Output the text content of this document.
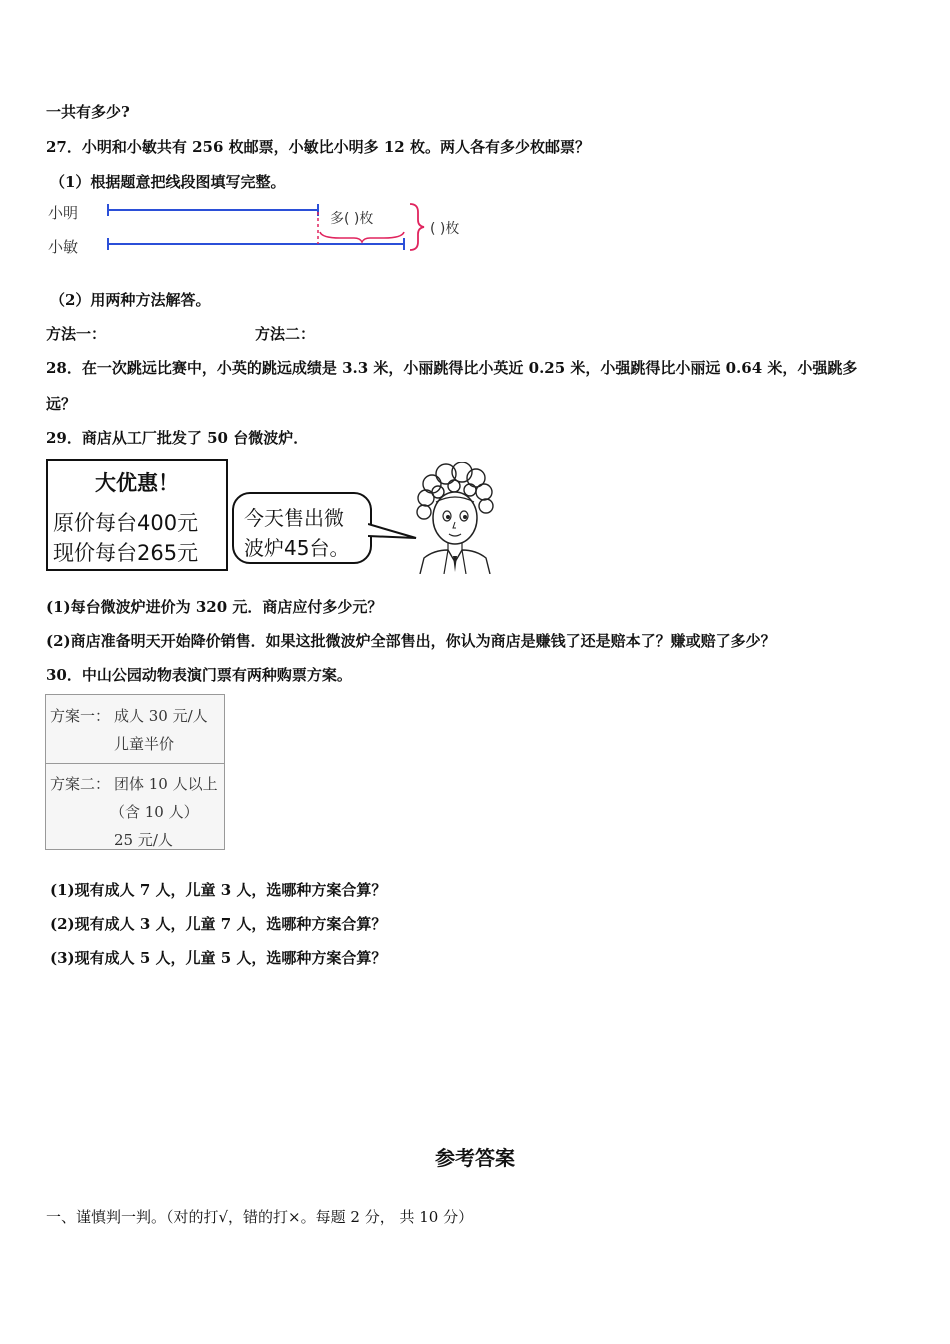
一共有多少?
27．小明和小敏共有 256 枚邮票，小敏比小明多 12 枚。两人各有多少枚邮票？
（1）根据题意把线段图填写完整。
小明
小敏
多( )枚
( )枚
（2）用两种方法解答。
方法一：	方法二：
28．在一次跳远比赛中，小英的跳远成绩是 3.3 米，小丽跳得比小英近 0.25 米，小强跳得比小丽远 0.64 米，小强跳多
远？
29．商店从工厂批发了 50 台微波炉．
大优惠！
原价每台400元
现价每台265元
今天售出微
波炉45台。
(1)每台微波炉进价为 320 元．商店应付多少元？
(2)商店准备明天开始降价销售．如果这批微波炉全部售出，你认为商店是赚钱了还是赔本了？赚或赔了多少？
30．中山公园动物表演门票有两种购票方案。
方案一： 成人 30 元/人
儿童半价
方案二： 团体 10 人以上
（含 10 人）
25 元/人
(1)现有成人 7 人，儿童 3 人，选哪种方案合算？
(2)现有成人 3 人，儿童 7 人，选哪种方案合算？
(3)现有成人 5 人，儿童 5 人，选哪种方案合算？
参考答案
一、谨慎判一判。（对的打√，错的打×。每题 2 分， 共 10 分）
